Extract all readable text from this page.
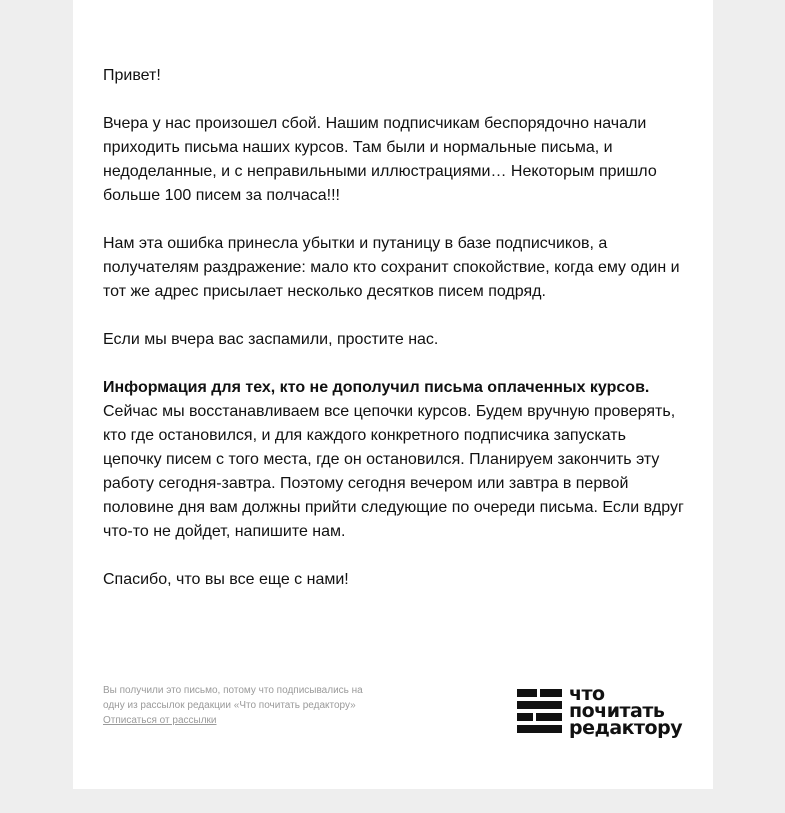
Привет!

Вчера у нас произошел сбой. Нашим подписчикам беспорядочно начали приходить письма наших курсов. Там были и нормальные письма, и недоделанные, и с неправильными иллюстрациями… Некоторым пришло больше 100 писем за полчаса!!!

Нам эта ошибка принесла убытки и путаницу в базе подписчиков, а получателям раздражение: мало кто сохранит спокойствие, когда ему один и тот же адрес присылает несколько десятков писем подряд.

Если мы вчера вас заспамили, простите нас.

Информация для тех, кто не дополучил письма оплаченных курсов. Сейчас мы восстанавливаем все цепочки курсов. Будем вручную проверять, кто где остановился, и для каждого конкретного подписчика запускать цепочку писем с того места, где он остановился. Планируем закончить эту работу сегодня-завтра. Поэтому сегодня вечером или завтра в первой половине дня вам должны прийти следующие по очереди письма. Если вдруг что-то не дойдет, напишите нам.

Спасибо, что вы все еще с нами!

Вы получили это письмо, потому что подписывались на одну из рассылок редакции «Что почитать редактору»
Отписаться от рассылки
что
почитать
редактору
